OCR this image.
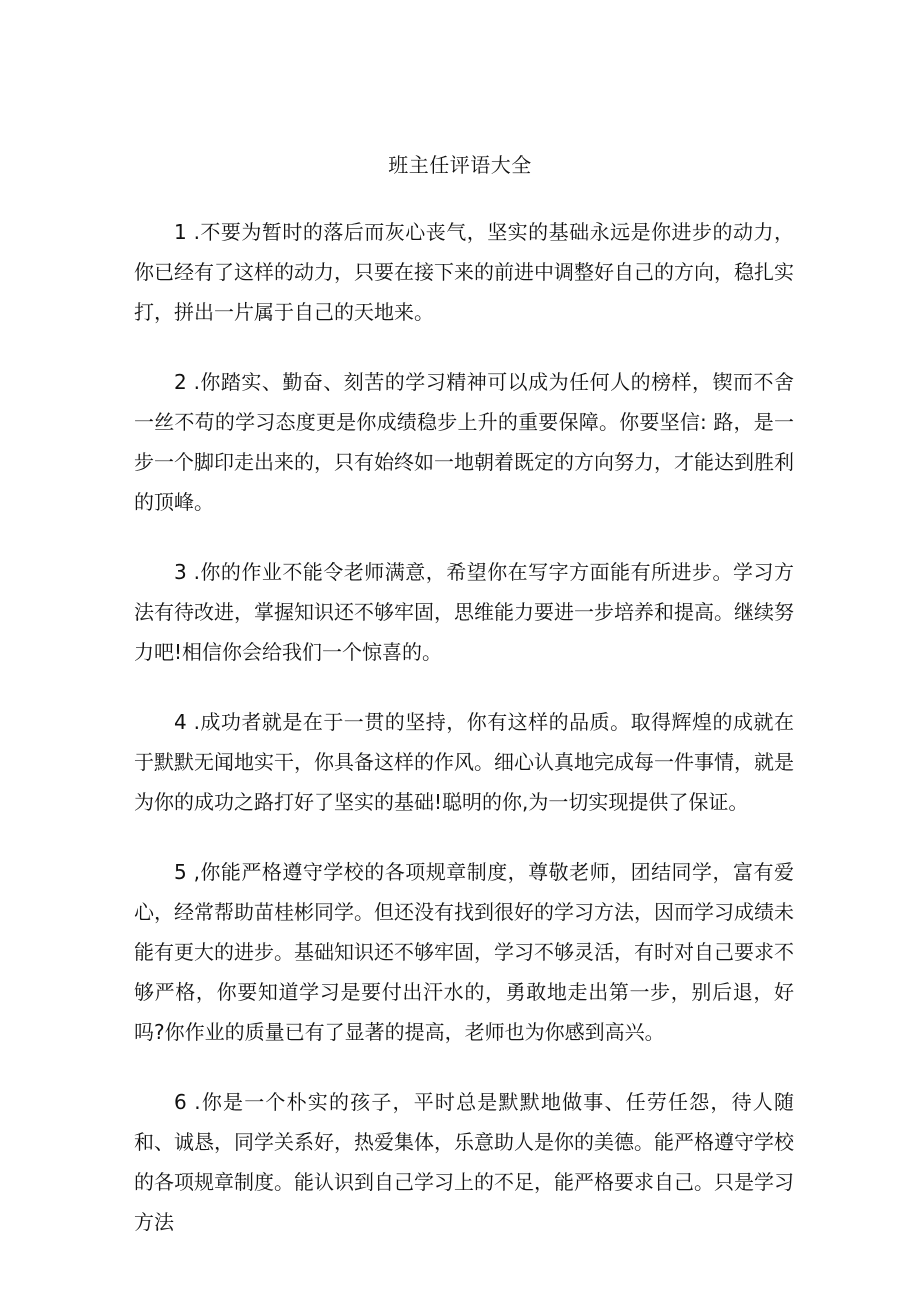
班主任评语大全

1 .不要为暂时的落后而灰心丧气，坚实的基础永远是你进步的动力，你已经有了这样的动力，只要在接下来的前进中调整好自己的方向，稳扎实打，拼出一片属于自己的天地来。

2 .你踏实、勤奋、刻苦的学习精神可以成为任何人的榜样，锲而不舍一丝不苟的学习态度更是你成绩稳步上升的重要保障。你要坚信: 路，是一步一个脚印走出来的，只有始终如一地朝着既定的方向努力，才能达到胜利的顶峰。

3 .你的作业不能令老师满意，希望你在写字方面能有所进步。学习方法有待改进，掌握知识还不够牢固，思维能力要进一步培养和提高。继续努力吧!相信你会给我们一个惊喜的。

4 .成功者就是在于一贯的坚持，你有这样的品质。取得辉煌的成就在于默默无闻地实干，你具备这样的作风。细心认真地完成每一件事情，就是为你的成功之路打好了坚实的基础!聪明的你,为一切实现提供了保证。

5 ,你能严格遵守学校的各项规章制度，尊敬老师，团结同学，富有爱心，经常帮助苗桂彬同学。但还没有找到很好的学习方法，因而学习成绩未能有更大的进步。基础知识还不够牢固，学习不够灵活，有时对自己要求不够严格，你要知道学习是要付出汗水的，勇敢地走出第一步，别后退，好吗?你作业的质量已有了显著的提高，老师也为你感到高兴。

6 .你是一个朴实的孩子，平时总是默默地做事、任劳任怨，待人随和、诚恳，同学关系好，热爱集体，乐意助人是你的美德。能严格遵守学校的各项规章制度。能认识到自己学习上的不足，能严格要求自己。只是学习方法
